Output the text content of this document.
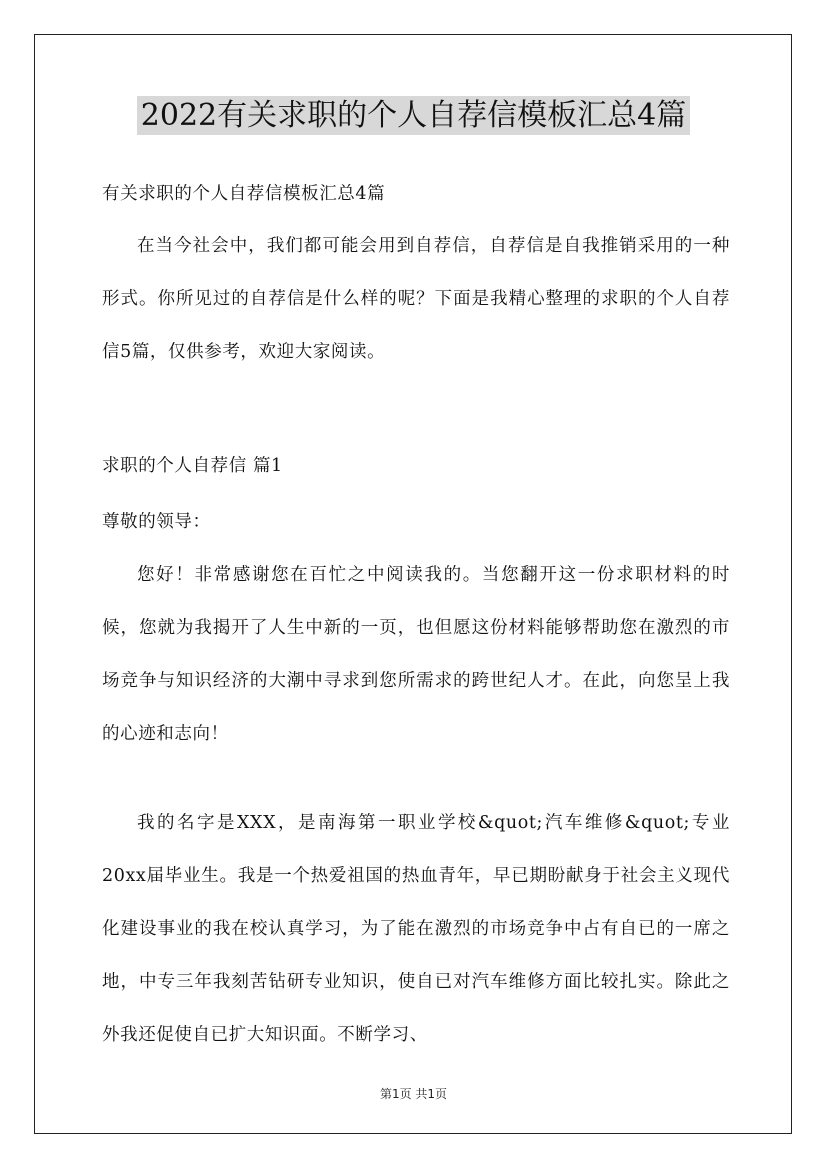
2022有关求职的个人自荐信模板汇总4篇

有关求职的个人自荐信模板汇总4篇

在当今社会中，我们都可能会用到自荐信，自荐信是自我推销采用的一种形式。你所见过的自荐信是什么样的呢？下面是我精心整理的求职的个人自荐信5篇，仅供参考，欢迎大家阅读。

求职的个人自荐信 篇1

尊敬的领导：

您好！非常感谢您在百忙之中阅读我的。当您翻开这一份求职材料的时候，您就为我揭开了人生中新的一页，也但愿这份材料能够帮助您在激烈的市场竞争与知识经济的大潮中寻求到您所需求的跨世纪人才。在此，向您呈上我的心迹和志向！

我的名字是XXX，是南海第一职业学校&quot;汽车维修&quot;专业20xx届毕业生。我是一个热爱祖国的热血青年，早已期盼献身于社会主义现代化建设事业的我在校认真学习，为了能在激烈的市场竞争中占有自已的一席之地，中专三年我刻苦钻研专业知识，使自已对汽车维修方面比较扎实。除此之外我还促使自已扩大知识面。不断学习、

第1页 共1页
